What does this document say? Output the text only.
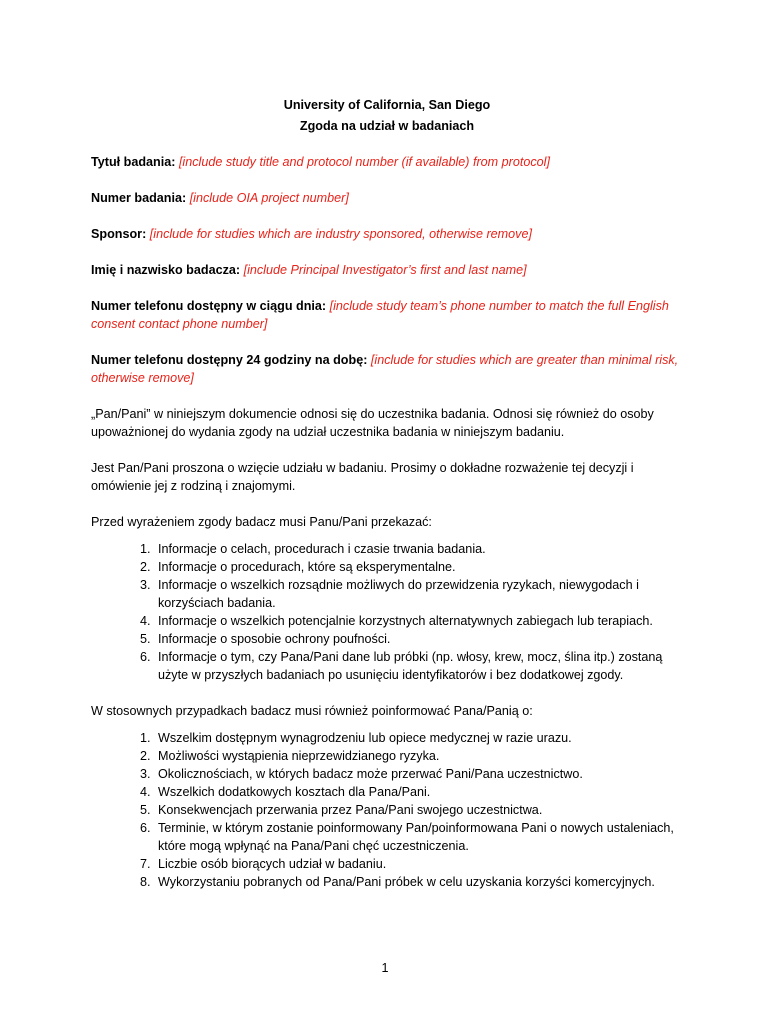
University of California, San Diego

Zgoda na udział w badaniach

Tytuł badania: [include study title and protocol number (if available) from protocol]

Numer badania: [include OIA project number]

Sponsor: [include for studies which are industry sponsored, otherwise remove]

Imię i nazwisko badacza: [include Principal Investigator’s first and last name]

Numer telefonu dostępny w ciągu dnia: [include study team’s phone number to match the full English consent contact phone number]

Numer telefonu dostępny 24 godziny na dobę: [include for studies which are greater than minimal risk, otherwise remove]

„Pan/Pani” w niniejszym dokumencie odnosi się do uczestnika badania. Odnosi się również do osoby upoważnionej do wydania zgody na udział uczestnika badania w niniejszym badaniu.

Jest Pan/Pani proszona o wzięcie udziału w badaniu. Prosimy o dokładne rozważenie tej decyzji i omówienie jej z rodziną i znajomymi.

Przed wyrażeniem zgody badacz musi Panu/Pani przekazać:

1. Informacje o celach, procedurach i czasie trwania badania.
2. Informacje o procedurach, które są eksperymentalne.
3. Informacje o wszelkich rozsądnie możliwych do przewidzenia ryzykach, niewygodach i korzyściach badania.
4. Informacje o wszelkich potencjalnie korzystnych alternatywnych zabiegach lub terapiach.
5. Informacje o sposobie ochrony poufności.
6. Informacje o tym, czy Pana/Pani dane lub próbki (np. włosy, krew, mocz, ślina itp.) zostaną użyte w przyszłych badaniach po usunięciu identyfikatorów i bez dodatkowej zgody.

W stosownych przypadkach badacz musi również poinformować Pana/Panią o:

1. Wszelkim dostępnym wynagrodzeniu lub opiece medycznej w razie urazu.
2. Możliwości wystąpienia nieprzewidzianego ryzyka.
3. Okolicznościach, w których badacz może przerwać Pani/Pana uczestnictwo.
4. Wszelkich dodatkowych kosztach dla Pana/Pani.
5. Konsekwencjach przerwania przez Pana/Pani swojego uczestnictwa.
6. Terminie, w którym zostanie poinformowany Pan/poinformowana Pani o nowych ustaleniach, które mogą wpłynąć na Pana/Pani chęć uczestniczenia.
7. Liczbie osób biorących udział w badaniu.
8. Wykorzystaniu pobranych od Pana/Pani próbek w celu uzyskania korzyści komercyjnych.
1
